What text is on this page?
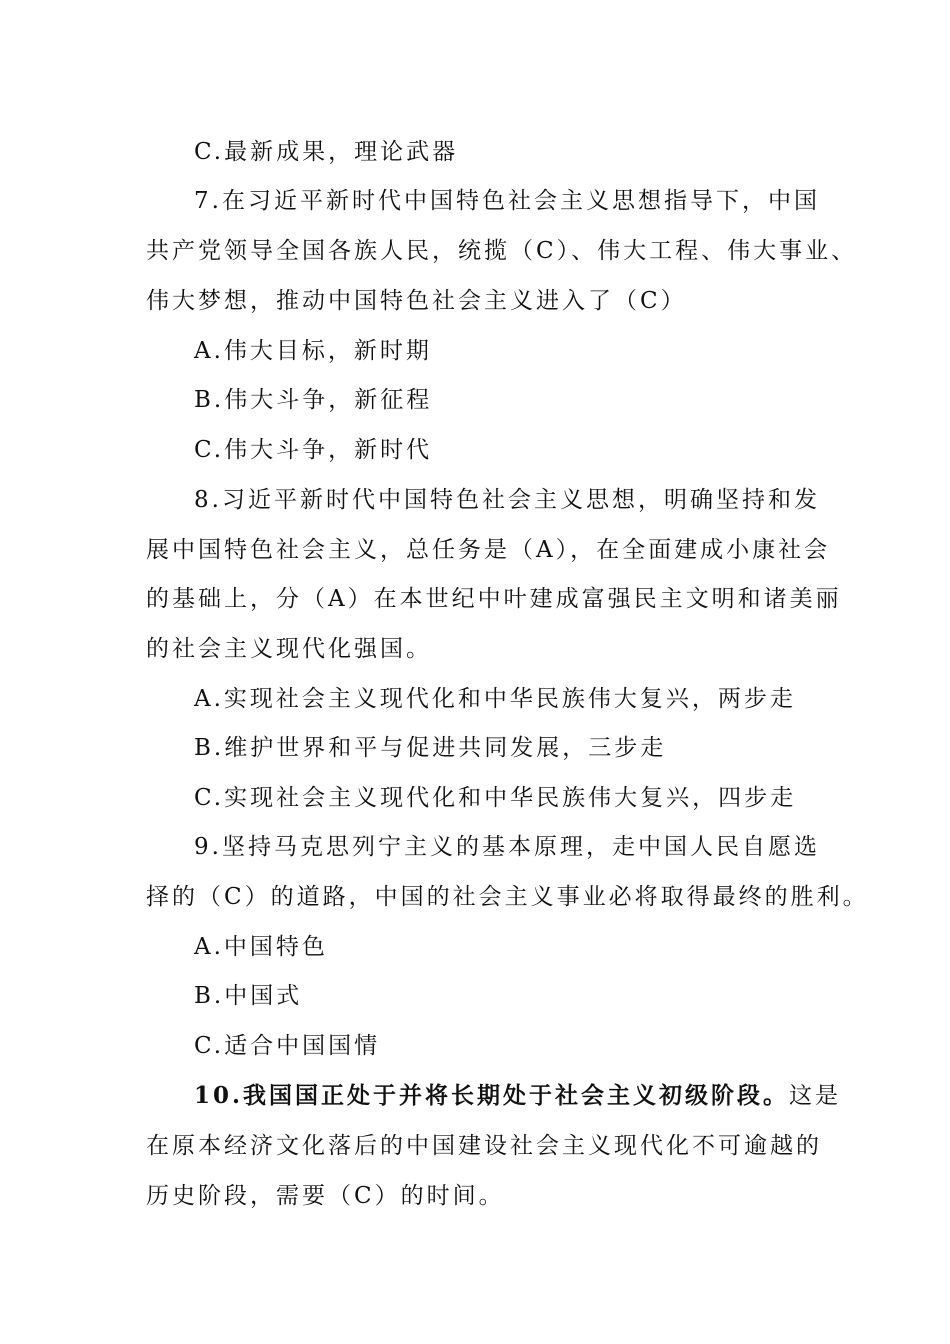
C.最新成果，理论武器
7.在习近平新时代中国特色社会主义思想指导下，中国
共产党领导全国各族人民，统揽（C）、伟大工程、伟大事业、
伟大梦想，推动中国特色社会主义进入了（C）
A.伟大目标，新时期
B.伟大斗争，新征程
C.伟大斗争，新时代
8.习近平新时代中国特色社会主义思想，明确坚持和发
展中国特色社会主义，总任务是（A），在全面建成小康社会
的基础上，分（A）在本世纪中叶建成富强民主文明和诸美丽
的社会主义现代化强国。
A.实现社会主义现代化和中华民族伟大复兴，两步走
B.维护世界和平与促进共同发展，三步走
C.实现社会主义现代化和中华民族伟大复兴，四步走
9.坚持马克思列宁主义的基本原理，走中国人民自愿选
择的（C）的道路，中国的社会主义事业必将取得最终的胜利。
A.中国特色
B.中国式
C.适合中国国情
10.我国国正处于并将长期处于社会主义初级阶段。这是
在原本经济文化落后的中国建设社会主义现代化不可逾越的
历史阶段，需要（C）的时间。
